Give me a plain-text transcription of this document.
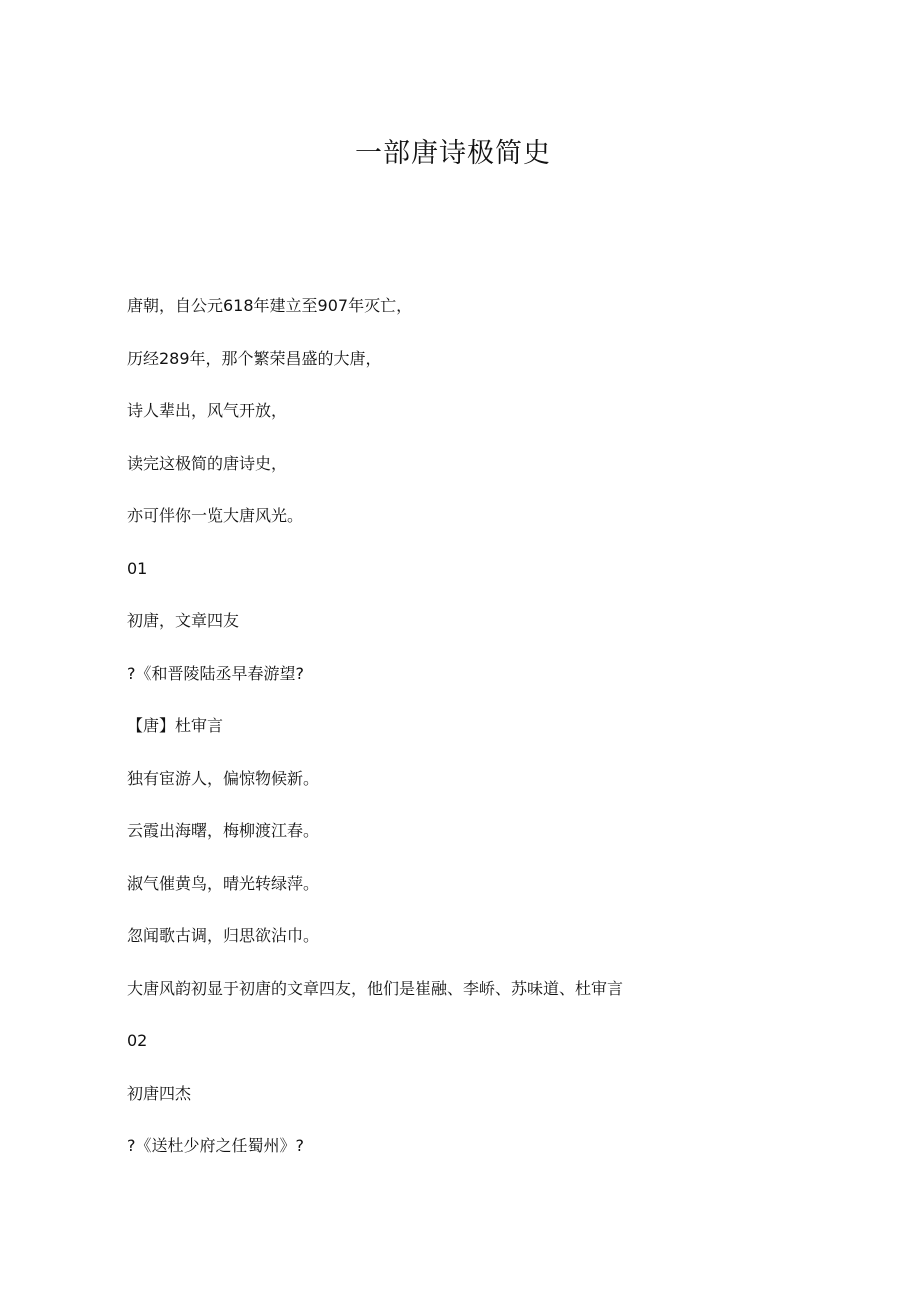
一部唐诗极简史
唐朝，自公元618年建立至907年灭亡，
历经289年，那个繁荣昌盛的大唐，
诗人辈出，风气开放，
读完这极简的唐诗史，
亦可伴你一览大唐风光。
01
初唐，文章四友
?《和晋陵陆丞早春游望?
【唐】杜审言
独有宦游人，偏惊物候新。
云霞出海曙，梅柳渡江春。
淑气催黄鸟，晴光转绿萍。
忽闻歌古调，归思欲沾巾。
大唐风韵初显于初唐的文章四友，他们是崔融、李峤、苏味道、杜审言
02
初唐四杰
?《送杜少府之任蜀州》?
